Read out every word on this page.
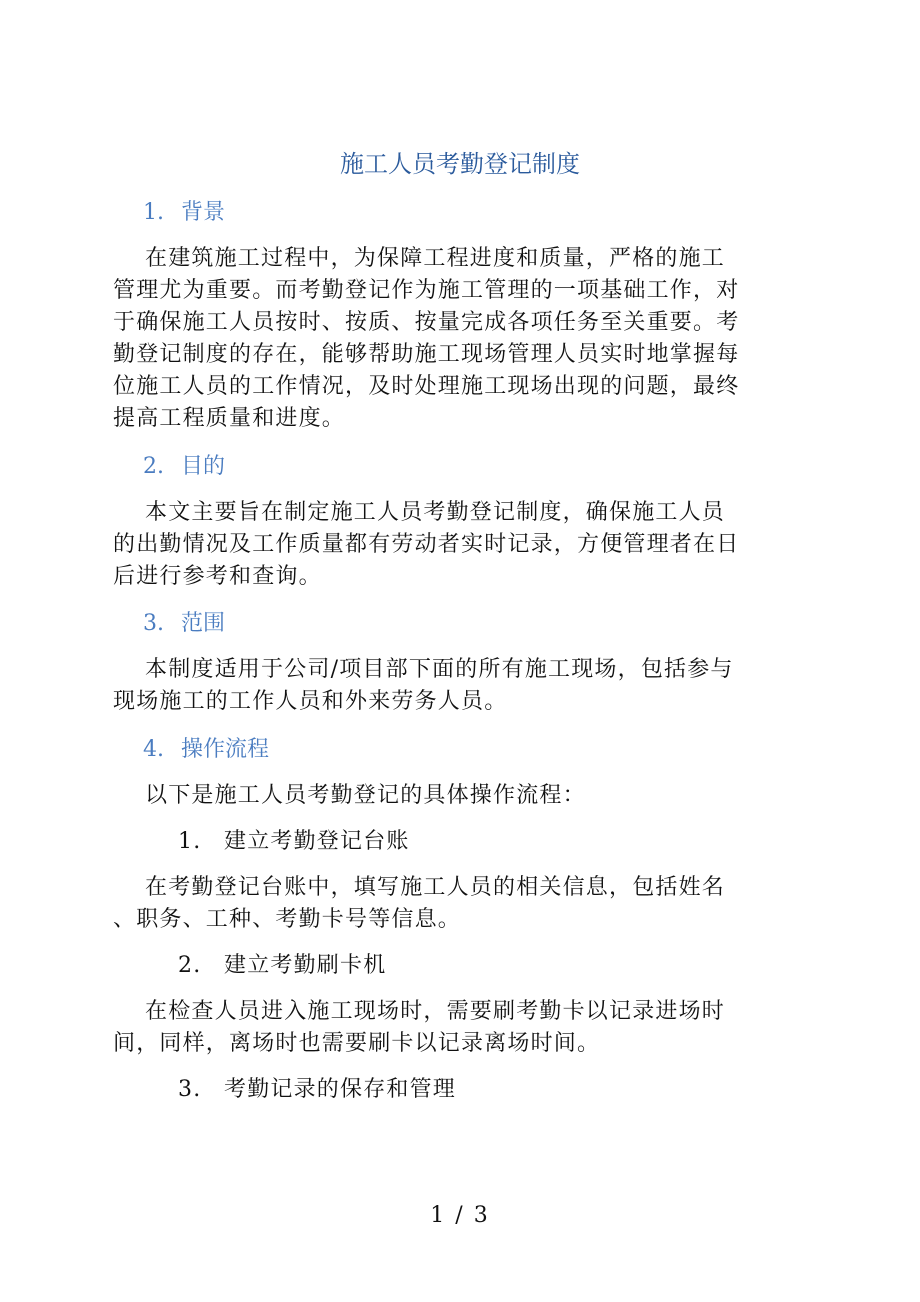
施工人员考勤登记制度
1. 背景
在建筑施工过程中，为保障工程进度和质量，严格的施工
管理尤为重要。而考勤登记作为施工管理的一项基础工作，对
于确保施工人员按时、按质、按量完成各项任务至关重要。考
勤登记制度的存在，能够帮助施工现场管理人员实时地掌握每
位施工人员的工作情况，及时处理施工现场出现的问题，最终
提高工程质量和进度。
2. 目的
本文主要旨在制定施工人员考勤登记制度，确保施工人员
的出勤情况及工作质量都有劳动者实时记录，方便管理者在日
后进行参考和查询。
3. 范围
本制度适用于公司/项目部下面的所有施工现场，包括参与
现场施工的工作人员和外来劳务人员。
4. 操作流程
以下是施工人员考勤登记的具体操作流程：
1. 建立考勤登记台账
在考勤登记台账中，填写施工人员的相关信息，包括姓名
、职务、工种、考勤卡号等信息。
2. 建立考勤刷卡机
在检查人员进入施工现场时，需要刷考勤卡以记录进场时
间，同样，离场时也需要刷卡以记录离场时间。
3. 考勤记录的保存和管理
1 / 3
